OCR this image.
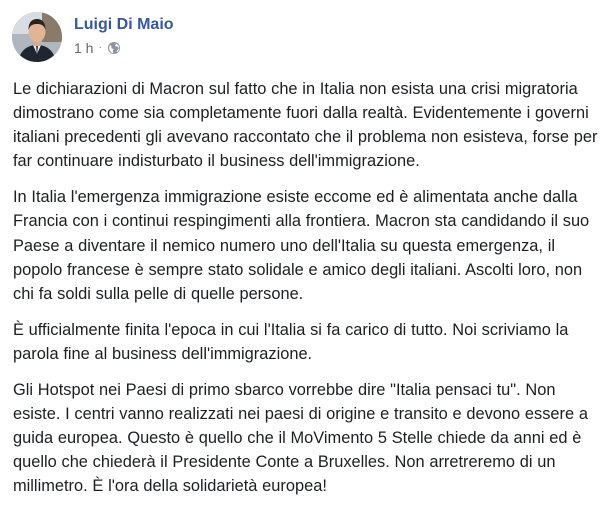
Luigi Di Maio
1 h ·

Le dichiarazioni di Macron sul fatto che in Italia non esista una crisi migratoria dimostrano come sia completamente fuori dalla realtà. Evidentemente i governi italiani precedenti gli avevano raccontato che il problema non esisteva, forse per far continuare indisturbato il business dell'immigrazione.

In Italia l'emergenza immigrazione esiste eccome ed è alimentata anche dalla Francia con i continui respingimenti alla frontiera. Macron sta candidando il suo Paese a diventare il nemico numero uno dell'Italia su questa emergenza, il popolo francese è sempre stato solidale e amico degli italiani. Ascolti loro, non chi fa soldi sulla pelle di quelle persone.

È ufficialmente finita l'epoca in cui l'Italia si fa carico di tutto. Noi scriviamo la parola fine al business dell'immigrazione.

Gli Hotspot nei Paesi di primo sbarco vorrebbe dire "Italia pensaci tu". Non esiste. I centri vanno realizzati nei paesi di origine e transito e devono essere a guida europea. Questo è quello che il MoVimento 5 Stelle chiede da anni ed è quello che chiederà il Presidente Conte a Bruxelles. Non arretreremo di un millimetro. È l'ora della solidarietà europea!
